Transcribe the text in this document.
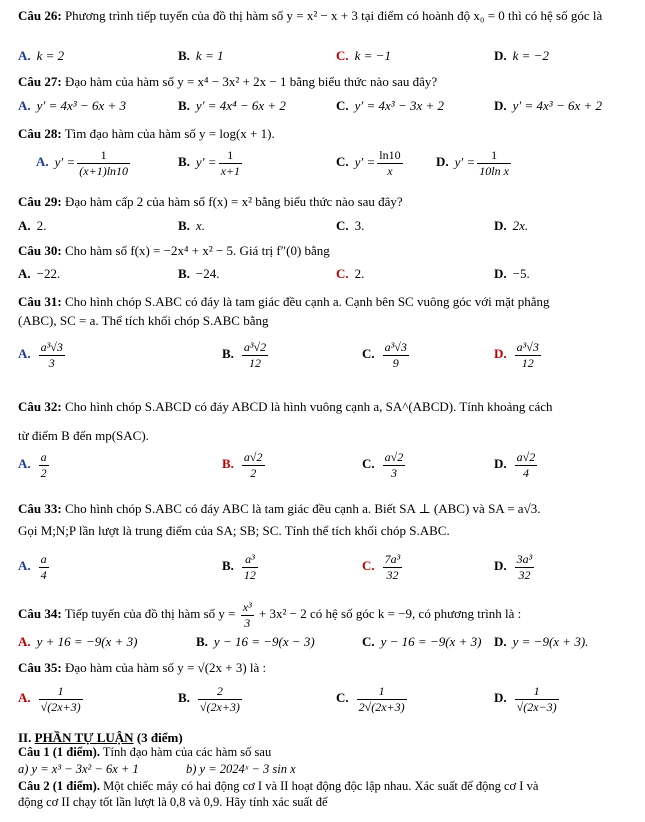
Câu 26: Phương trình tiếp tuyến của đồ thị hàm số y = x² − x + 3 tại điểm có hoành độ x₀ = 0 thì có hệ số góc là
A. k = 2	B. k = 1	C. k = −1	D. k = −2
Câu 27: Đạo hàm của hàm số y = x⁴ − 3x² + 2x − 1 bằng biểu thức nào sau đây?
A. y′ = 4x³ − 6x + 3	B. y′ = 4x⁴ − 6x + 2	C. y′ = 4x³ − 3x + 2	D. y′ = 4x³ − 6x + 2
Câu 28: Tìm đạo hàm của hàm số y = log(x + 1).
A. $y' = \frac{1}{(x+1)\ln 10}$	B. $y' = \frac{1}{x+1}$	C. $y' = \frac{\ln 10}{x}$	D. $y' = \frac{1}{\text{10ln x}}$
Câu 29: Đạo hàm cấp 2 của hàm số f(x) = x² bằng biểu thức nào sau đây?
A. 2.	B. x.	C. 3.	D. 2x.
Câu 30: Cho hàm số f(x) = −2x⁴ + x² − 5. Giá trị f″(0) bằng
A. −22.	B. −24.	C. 2.	D. −5.
Câu 31: Cho hình chóp S.ABC có đáy là tam giác đều cạnh a. Cạnh bên SC vuông góc với mặt phẳng
(ABC), SC = a. Thể tích khối chóp S.ABC bằng
A. $\frac{\text{a³√3}}{3}$	B. $\frac{\text{a³√2}}{12}$	C. $\frac{\text{a³√3}}{9}$	D. $\frac{\text{a³√3}}{12}$
Câu 32: Cho hình chóp S.ABCD có đáy ABCD là hình vuông cạnh a, SA^(ABCD). Tính khoảng cách
từ điểm B đến mp(SAC).
A. $\frac{a}{2}$	B. $\frac{a√2}{2}$	C. $\frac{a√2}{3}$	D. $\frac{a√2}{4}$
Câu 33: Cho hình chóp S.ABC có đáy ABC là tam giác đều cạnh a. Biết SA ⊥ (ABC) và SA = a√3.
Gọi M;N;P lần lượt là trung điểm của SA; SB; SC. Tính thể tích khối chóp S.ABC.
A. $\frac{a}{4}$	B. $\frac{\text{a³}}{12}$	C. $\frac{\text{7a³}}{32}$	D. $\frac{\text{3a³}}{32}$
Câu 34: Tiếp tuyến của đồ thị hàm số $y = \frac{\text{x³}}{3} + 3x^2 - 2$ có hệ số góc k = −9, có phương trình là :
A. y + 16 = −9(x + 3)	B. y − 16 = −9(x − 3)	C. y − 16 = −9(x + 3) D. y = −9(x + 3).
Câu 35: Đạo hàm của hàm số y = √(2x + 3) là :
A. $\frac{1}{√(2x+3)}$	B. $\frac{2}{√(2x+3)}$	C. $\frac{1}{2√(2x+3)}$	D. $\frac{1}{√(2x-3)}$
II. PHẦN TỰ LUẬN (3 điểm)
Câu 1 (1 điểm). Tính đạo hàm của các hàm số sau
a) y = x³ − 3x² − 6x + 1	b) y = 2024ˣ − 3 sin x
Câu 2 (1 điểm). Một chiếc máy có hai động cơ I và II hoạt động độc lập nhau. Xác suất để động cơ I và
động cơ II chạy tốt lần lượt là 0,8 và 0,9. Hãy tính xác suất để
